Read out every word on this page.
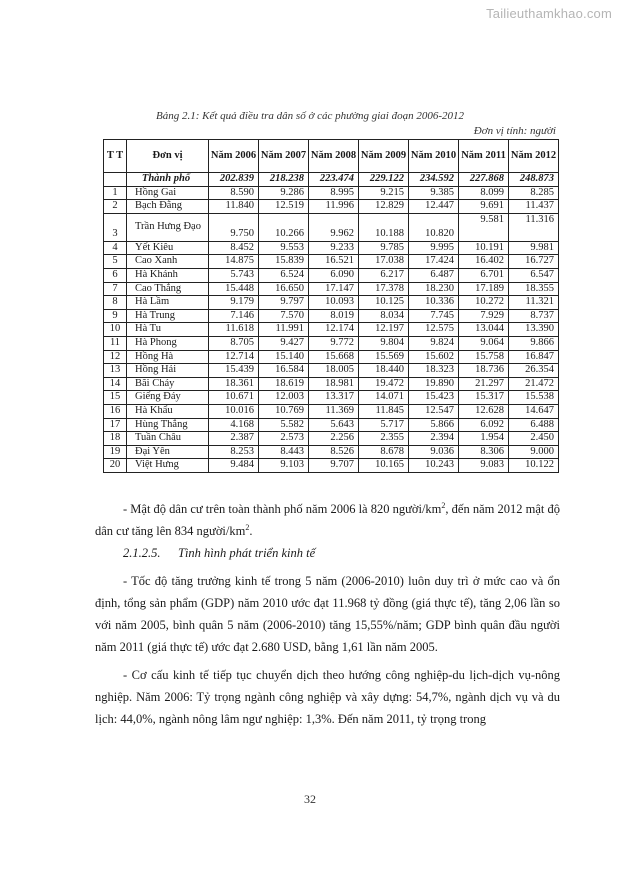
Tailieuthamkhao.com
Bảng 2.1: Kết quả điều tra dân số ở các phường giai đoạn 2006-2012
Đơn vị tính: người
T T	Đơn vị	Năm 2006	Năm 2007	Năm 2008	Năm 2009	Năm 2010	Năm 2011	Năm 2012
	Thành phố	202.839	218.238	223.474	229.122	234.592	227.868	248.873
1	Hồng Gai	8.590	9.286	8.995	9.215	9.385	8.099	8.285
2	Bạch Đằng	11.840	12.519	11.996	12.829	12.447	9.691	11.437
3	Trần Hưng Đạo	9.750	10.266	9.962	10.188	10.820	9.581	11.316
4	Yết Kiêu	8.452	9.553	9.233	9.785	9.995	10.191	9.981
5	Cao Xanh	14.875	15.839	16.521	17.038	17.424	16.402	16.727
6	Hà Khánh	5.743	6.524	6.090	6.217	6.487	6.701	6.547
7	Cao Thắng	15.448	16.650	17.147	17.378	18.230	17.189	18.355
8	Hà Lầm	9.179	9.797	10.093	10.125	10.336	10.272	11.321
9	Hà Trung	7.146	7.570	8.019	8.034	7.745	7.929	8.737
10	Hà Tu	11.618	11.991	12.174	12.197	12.575	13.044	13.390
11	Hà Phong	8.705	9.427	9.772	9.804	9.824	9.064	9.866
12	Hồng Hà	12.714	15.140	15.668	15.569	15.602	15.758	16.847
13	Hồng Hải	15.439	16.584	18.005	18.440	18.323	18.736	26.354
14	Bãi Cháy	18.361	18.619	18.981	19.472	19.890	21.297	21.472
15	Giếng Đáy	10.671	12.003	13.317	14.071	15.423	15.317	15.538
16	Hà Khẩu	10.016	10.769	11.369	11.845	12.547	12.628	14.647
17	Hùng Thắng	4.168	5.582	5.643	5.717	5.866	6.092	6.488
18	Tuần Châu	2.387	2.573	2.256	2.355	2.394	1.954	2.450
19	Đại Yên	8.253	8.443	8.526	8.678	9.036	8.306	9.000
20	Việt Hưng	9.484	9.103	9.707	10.165	10.243	9.083	10.122
- Mật độ dân cư trên toàn thành phố năm 2006 là 820 người/$km^2$, đến năm 2012 mật độ dân cư tăng lên 834 người/$km^2$.
2.1.2.5. Tình hình phát triển kinh tế
- Tốc độ tăng trưởng kinh tế trong 5 năm (2006-2010) luôn duy trì ở mức cao và ổn định, tổng sản phẩm (GDP) năm 2010 ước đạt 11.968 tỷ đồng (giá thực tế), tăng 2,06 lần so với năm 2005, bình quân 5 năm (2006-2010) tăng 15,55%/năm; GDP bình quân đầu người năm 2011 (giá thực tế) ước đạt 2.680 USD, bằng 1,61 lần năm 2005.
- Cơ cấu kinh tế tiếp tục chuyển dịch theo hướng công nghiệp-du lịch-dịch vụ-nông nghiệp. Năm 2006: Tỷ trọng ngành công nghiệp và xây dựng: 54,7%, ngành dịch vụ và du lịch: 44,0%, ngành nông lâm ngư nghiệp: 1,3%. Đến năm 2011, tỷ trọng trong
32
